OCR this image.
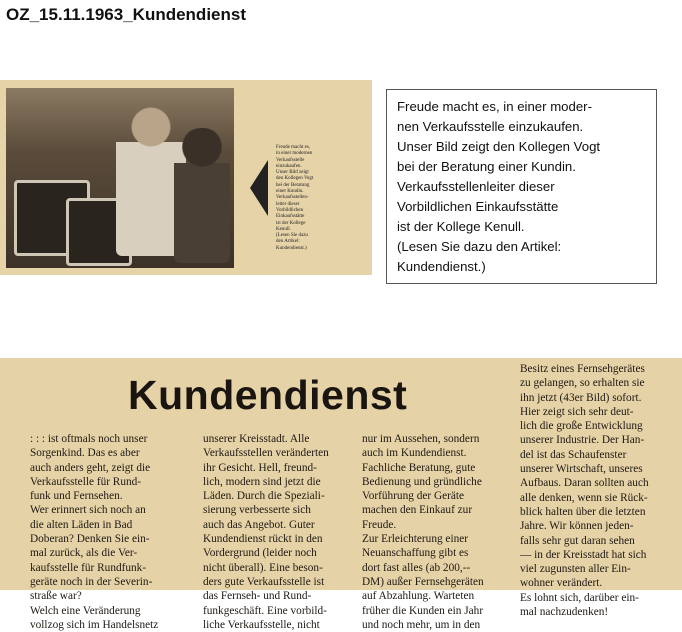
OZ_15.11.1963_Kundendienst
Freude macht es,
in einer modernen
Verkaufsstelle
einzukaufen.
Unser Bild zeigt
den Kollegen Vogt
bei der Beratung
einer Kundin.
Verkaufsstellen-
leiter dieser
Vorbildlichen
Einkaufsstätte
ist der Kollege
Kenull.
(Lesen Sie dazu
den Artikel:
Kundendienst.)
Freude macht es, in einer moder-
nen Verkaufsstelle einzukaufen.
Unser Bild zeigt den Kollegen Vogt
bei der Beratung einer Kundin.
Verkaufsstellenleiter dieser
Vorbildlichen Einkaufsstätte
ist der Kollege Kenull.
(Lesen Sie dazu den Artikel:
Kundendienst.)
Kundendienst
: : : ist oftmals noch unser
Sorgenkind. Das es aber
auch anders geht, zeigt die
Verkaufsstelle für Rund-
funk und Fernsehen.
Wer erinnert sich noch an
die alten Läden in Bad
Doberan? Denken Sie ein-
mal zurück, als die Ver-
kaufsstelle für Rundfunk-
geräte noch in der Severin-
straße war?
Welch eine Veränderung
vollzog sich im Handelsnetz
unserer Kreisstadt. Alle
Verkaufsstellen veränderten
ihr Gesicht. Hell, freund-
lich, modern sind jetzt die
Läden. Durch die Speziali-
sierung verbesserte sich
auch das Angebot. Guter
Kundendienst rückt in den
Vordergrund (leider noch
nicht überall). Eine beson-
ders gute Verkaufsstelle ist
das Fernseh- und Rund-
funkgeschäft. Eine vorbild-
liche Verkaufsstelle, nicht
nur im Aussehen, sondern
auch im Kundendienst.
Fachliche Beratung, gute
Bedienung und gründliche
Vorführung der Geräte
machen den Einkauf zur
Freude.
Zur Erleichterung einer
Neuanschaffung gibt es
dort fast alles (ab 200,--
DM) außer Fernsehgeräten
auf Abzahlung. Warteten
früher die Kunden ein Jahr
und noch mehr, um in den
Besitz eines Fernsehgerätes
zu gelangen, so erhalten sie
ihn jetzt (43er Bild) sofort.
Hier zeigt sich sehr deut-
lich die große Entwicklung
unserer Industrie. Der Han-
del ist das Schaufenster
unserer Wirtschaft, unseres
Aufbaus. Daran sollten auch
alle denken, wenn sie Rück-
blick halten über die letzten
Jahre. Wir können jeden-
falls sehr gut daran sehen
— in der Kreisstadt hat sich
viel zugunsten aller Ein-
wohner verändert.
Es lohnt sich, darüber ein-
mal nachzudenken!
